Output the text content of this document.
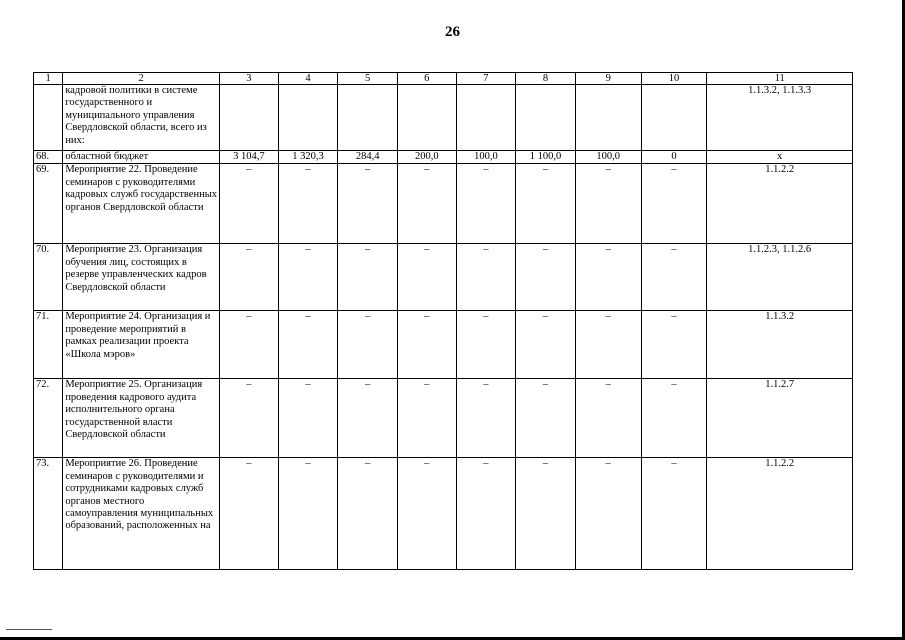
26
1	2	3	4	5	6	7	8	9	10	11
	кадровой политики в системе государственного и муниципального управления Свердловской области, всего из них:									1.1.3.2, 1.1.3.3
68.	областной бюджет	3 104,7	1 320,3	284,4	200,0	100,0	1 100,0	100,0	0	х
69.	Мероприятие 22. Проведение семинаров с руководителями кадровых служб государственных органов Свердловской области	–	–	–	–	–	–	–	–	1.1.2.2
70.	Мероприятие 23. Организация обучения лиц, состоящих в резерве управленческих кадров Свердловской области	–	–	–	–	–	–	–	–	1.1.2.3, 1.1.2.6
71.	Мероприятие 24. Организация и проведение мероприятий в рамках реализации проекта «Школа мэров»	–	–	–	–	–	–	–	–	1.1.3.2
72.	Мероприятие 25. Организация проведения кадрового аудита исполнительного органа государственной власти Свердловской области	–	–	–	–	–	–	–	–	1.1.2.7
73.	Мероприятие 26. Проведение семинаров с руководителями и сотрудниками кадровых служб органов местного самоуправления муниципальных образований, расположенных на	–	–	–	–	–	–	–	–	1.1.2.2
